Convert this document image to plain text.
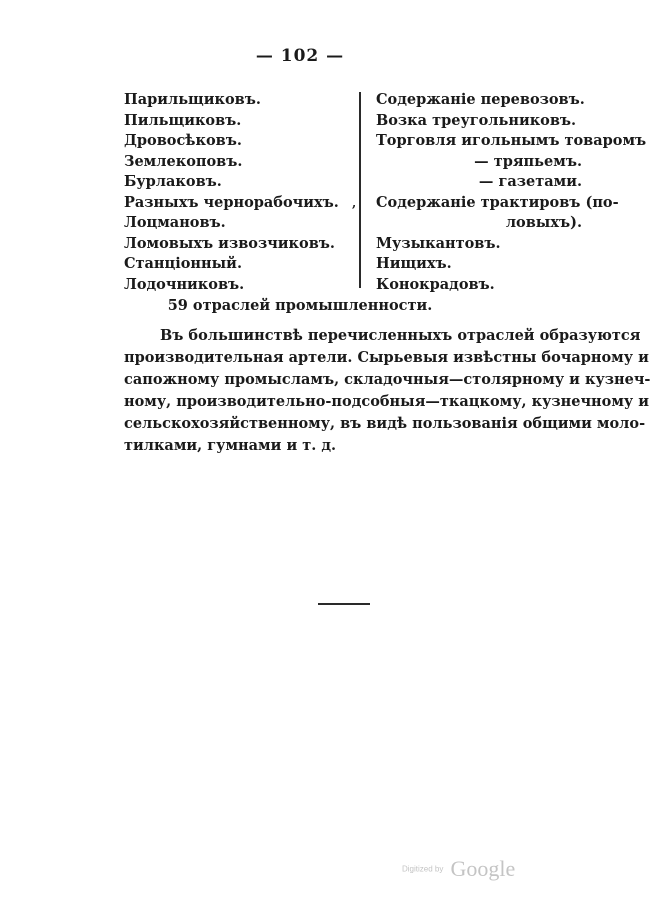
— 102 —
Парильщиковъ.
Пильщиковъ.
Дровосѣковъ.
Землекоповъ.
Бурлаковъ.
Разныхъ чернорабочихъ.
Лоцмановъ.
Ломовыхъ извозчиковъ.
Станціонный.
Лодочниковъ.
,
Содержаніе перевозовъ.
Возка треугольниковъ.
Торговля игольнымъ товаромъ
— тряпьемъ.
— газетами.
Содержаніе трактировъ (по-
ловыхъ).
Музыкантовъ.
Нищихъ.
Конокрадовъ.
59 отраслей промышленности.
Въ большинствѣ перечисленныхъ отраслей образуются
производительная артели. Сырьевыя извѣстны бочарному и
сапожному промысламъ, складочныя—столярному и кузнеч-
ному, производительно-подсобныя—ткацкому, кузнечному и
сельскохозяйственному, въ видѣ пользованія общими моло-
тилками, гумнами и т. д.
Digitized by Google
